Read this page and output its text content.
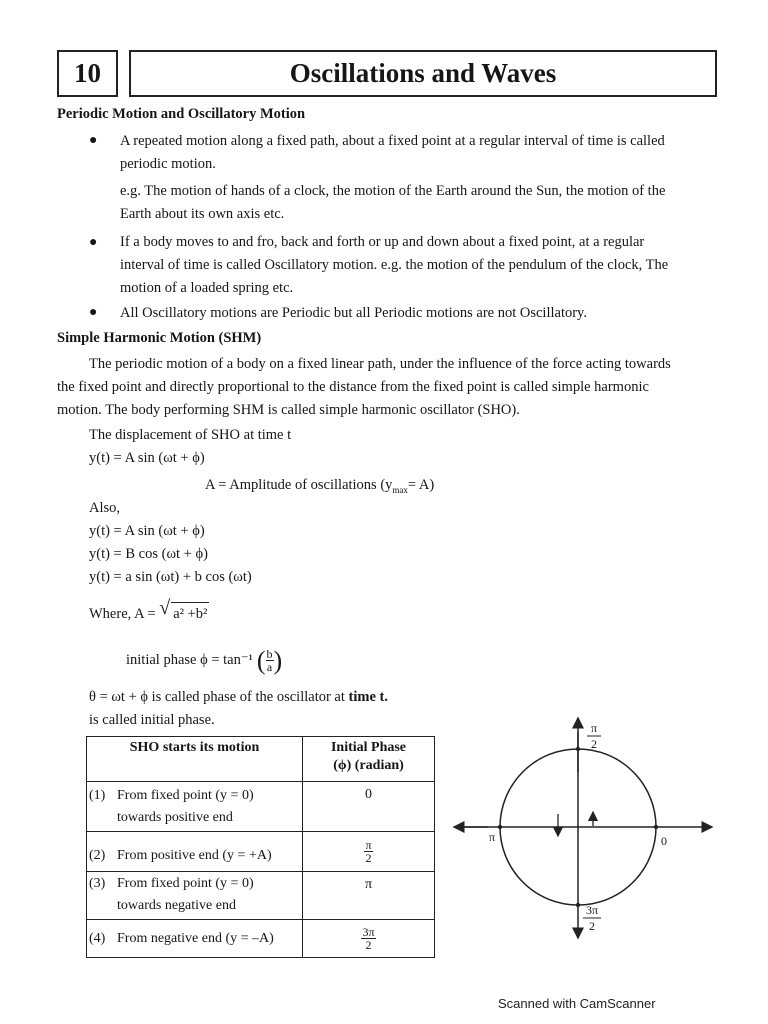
10	Oscillations and Waves
Periodic Motion and Oscillatory Motion
● A repeated motion along a fixed path, about a fixed point at a regular interval of time is called
periodic motion.
e.g. The motion of hands of a clock, the motion of the Earth around the Sun, the motion of the
Earth about its own axis etc.
● If a body moves to and fro, back and forth or up and down about a fixed point, at a regular
interval of time is called Oscillatory motion. e.g. the motion of the pendulum of the clock, The
motion of a loaded spring etc.
● All Oscillatory motions are Periodic but all Periodic motions are not Oscillatory.
Simple Harmonic Motion (SHM)
The periodic motion of a body on a fixed linear path, under the influence of the force acting towards
the fixed point and directly proportional to the distance from the fixed point is called simple harmonic
motion. The body performing SHM is called simple harmonic oscillator (SHO).
The displacement of SHO at time t
y(t) = A sin (ωt + ϕ)
A = Amplitude of oscillations $(y_{max}= A)$
Also,
y(t) = A sin (ωt + ϕ)
y(t) = B cos (ωt + ϕ)
y(t) = a sin (ωt) + b cos (ωt)
Where, A = √ a² +b²
initial phase ϕ = tan⁻¹ ( $\frac{b}{a}$ )
θ = ωt + ϕ is called phase of the oscillator at time t.
is called initial phase.
SHO starts its motion	Initial Phase
(ϕ) (radian)

(1) From fixed point (y = 0)
towards positive end	0

(2) From positive end (y = +A)	$\frac{\pi}{2}$

(3) From fixed point (y = 0)
towards negative end	π

(4) From negative end (y = –A)	$\frac{3\pi}{2}$
π
2
π	0
3π
2
Scanned with CamScanner
